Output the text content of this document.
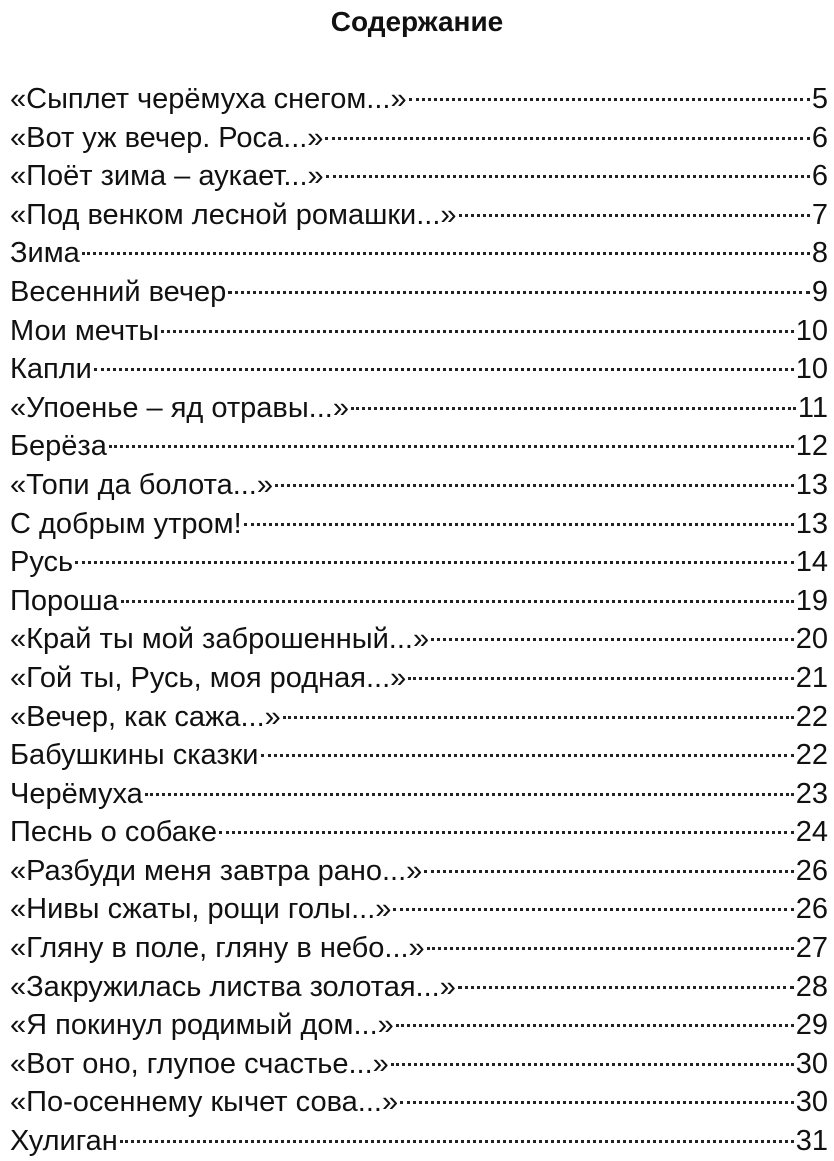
Содержание
«Сыплет черёмуха снегом...»	5
«Вот уж вечер. Роса...»	6
«Поёт зима – аукает...»	6
«Под венком лесной ромашки...»	7
Зима	8
Весенний вечер	9
Мои мечты	10
Капли	10
«Упоенье – яд отравы...»	11
Берёза	12
«Топи да болота...»	13
С добрым утром!	13
Русь	14
Пороша	19
«Край ты мой заброшенный...»	20
«Гой ты, Русь, моя родная...»	21
«Вечер, как сажа...»	22
Бабушкины сказки	22
Черёмуха	23
Песнь о собаке	24
«Разбуди меня завтра рано...»	26
«Нивы сжаты, рощи голы...»	26
«Гляну в поле, гляну в небо...»	27
«Закружилась листва золотая...»	28
«Я покинул родимый дом...»	29
«Вот оно, глупое счастье...»	30
«По-осеннему кычет сова...»	30
Хулиган	31
